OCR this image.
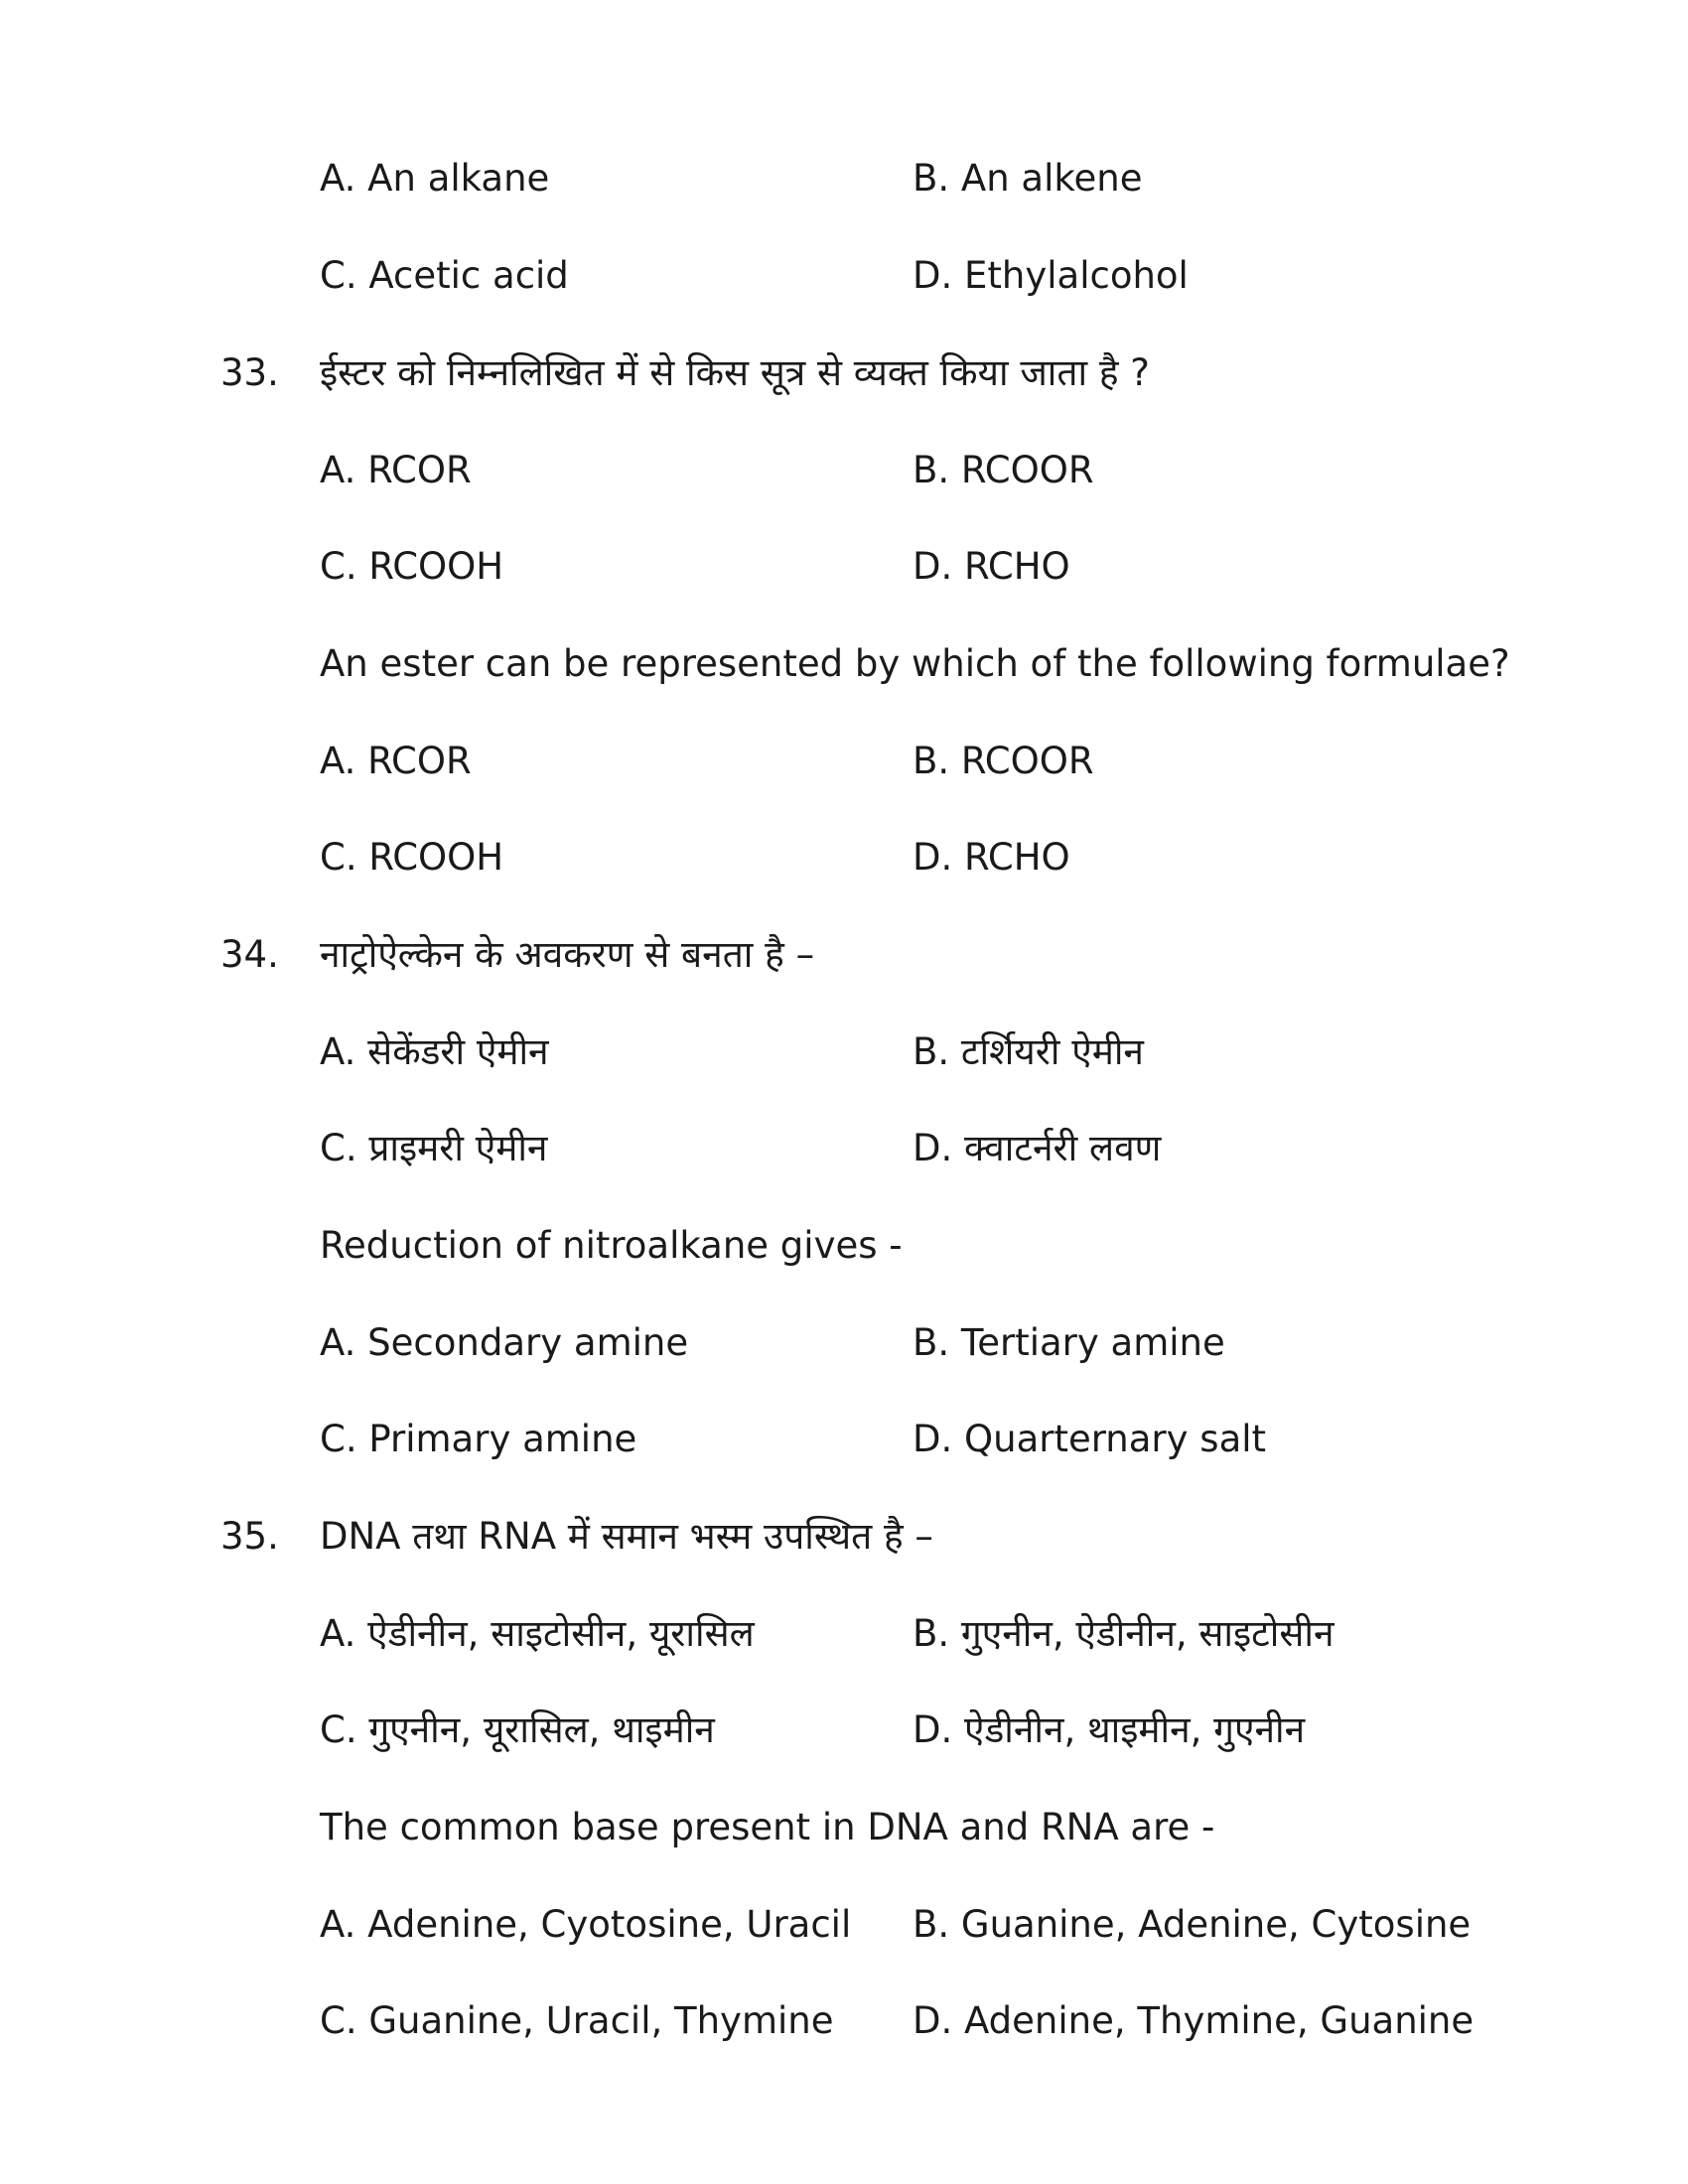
A. An alkane	B. An alkene
C. Acetic acid	D. Ethylalcohol
33. ईस्टर को निम्नलिखित में से किस सूत्र से व्यक्त किया जाता है ?
A. RCOR	B. RCOOR
C. RCOOH	D. RCHO
An ester can be represented by which of the following formulae?
A. RCOR	B. RCOOR
C. RCOOH	D. RCHO
34. नाट्रोऐल्केन के अवकरण से बनता है –
A. सेकेंडरी ऐमीन	B. टर्शियरी ऐमीन
C. प्राइमरी ऐमीन	D. क्वाटर्नरी लवण
Reduction of nitroalkane gives -
A. Secondary amine	B. Tertiary amine
C. Primary amine	D. Quarternary salt
35. DNA तथा RNA में समान भस्म उपस्थित है –
A. ऐडीनीन, साइटोसीन, यूरासिल	B. गुएनीन, ऐडीनीन, साइटोसीन
C. गुएनीन, यूरासिल, थाइमीन	D. ऐडीनीन, थाइमीन, गुएनीन
The common base present in DNA and RNA are -
A. Adenine, Cyotosine, Uracil B. Guanine, Adenine, Cytosine
C. Guanine, Uracil, Thymine D. Adenine, Thymine, Guanine
